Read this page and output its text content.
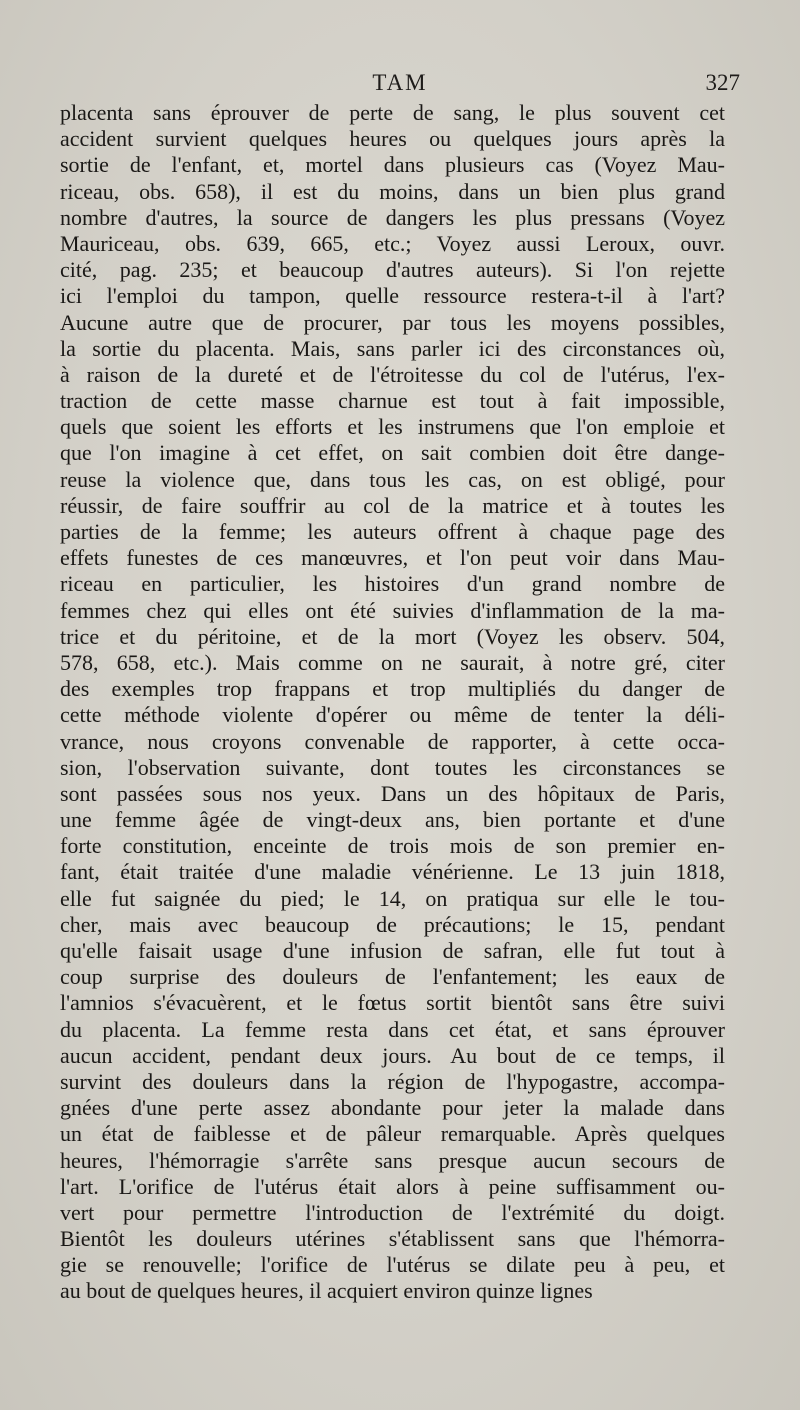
TAM	327
placenta sans éprouver de perte de sang, le plus souvent cet
accident survient quelques heures ou quelques jours après la
sortie de l'enfant, et, mortel dans plusieurs cas (Voyez Mau-
riceau, obs. 658), il est du moins, dans un bien plus grand
nombre d'autres, la source de dangers les plus pressans (Voyez
Mauriceau, obs. 639, 665, etc.; Voyez aussi Leroux, ouvr.
cité, pag. 235; et beaucoup d'autres auteurs). Si l'on rejette
ici l'emploi du tampon, quelle ressource restera-t-il à l'art?
Aucune autre que de procurer, par tous les moyens possibles,
la sortie du placenta. Mais, sans parler ici des circonstances où,
à raison de la dureté et de l'étroitesse du col de l'utérus, l'ex-
traction de cette masse charnue est tout à fait impossible,
quels que soient les efforts et les instrumens que l'on emploie et
que l'on imagine à cet effet, on sait combien doit être dange-
reuse la violence que, dans tous les cas, on est obligé, pour
réussir, de faire souffrir au col de la matrice et à toutes les
parties de la femme; les auteurs offrent à chaque page des
effets funestes de ces manœuvres, et l'on peut voir dans Mau-
riceau en particulier, les histoires d'un grand nombre de
femmes chez qui elles ont été suivies d'inflammation de la ma-
trice et du péritoine, et de la mort (Voyez les observ. 504,
578, 658, etc.). Mais comme on ne saurait, à notre gré, citer
des exemples trop frappans et trop multipliés du danger de
cette méthode violente d'opérer ou même de tenter la déli-
vrance, nous croyons convenable de rapporter, à cette occa-
sion, l'observation suivante, dont toutes les circonstances se
sont passées sous nos yeux. Dans un des hôpitaux de Paris,
une femme âgée de vingt-deux ans, bien portante et d'une
forte constitution, enceinte de trois mois de son premier en-
fant, était traitée d'une maladie vénérienne. Le 13 juin 1818,
elle fut saignée du pied; le 14, on pratiqua sur elle le tou-
cher, mais avec beaucoup de précautions; le 15, pendant
qu'elle faisait usage d'une infusion de safran, elle fut tout à
coup surprise des douleurs de l'enfantement; les eaux de
l'amnios s'évacuèrent, et le fœtus sortit bientôt sans être suivi
du placenta. La femme resta dans cet état, et sans éprouver
aucun accident, pendant deux jours. Au bout de ce temps, il
survint des douleurs dans la région de l'hypogastre, accompa-
gnées d'une perte assez abondante pour jeter la malade dans
un état de faiblesse et de pâleur remarquable. Après quelques
heures, l'hémorragie s'arrête sans presque aucun secours de
l'art. L'orifice de l'utérus était alors à peine suffisamment ou-
vert pour permettre l'introduction de l'extrémité du doigt.
Bientôt les douleurs utérines s'établissent sans que l'hémorra-
gie se renouvelle; l'orifice de l'utérus se dilate peu à peu, et
au bout de quelques heures, il acquiert environ quinze lignes
